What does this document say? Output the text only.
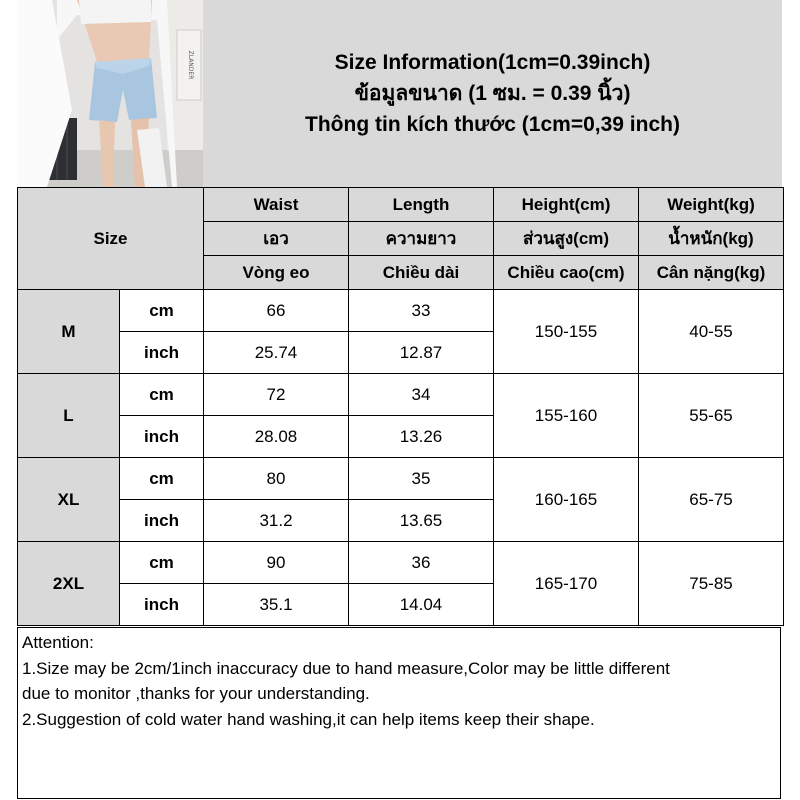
ZLANDER	Size Information(1cm=0.39inch)
ข้อมูลขนาด (1 ซม. = 0.39 นิ้ว)
Thông tin kích thước (1cm=0,39 inch)
Size		Waist	Length	Height(cm)	Weight(kg)
		เอว	ความยาว	ส่วนสูง(cm)	น้ำหนัก(kg)
		Vòng eo	Chiều dài	Chiều cao(cm)	Cân nặng(kg)
M	cm	66	33	150-155	40-55
	inch	25.74	12.87		
L	cm	72	34	155-160	55-65
	inch	28.08	13.26		
XL	cm	80	35	160-165	65-75
	inch	31.2	13.65		
2XL	cm	90	36	165-170	75-85
	inch	35.1	14.04		
Attention:
1.Size may be 2cm/1inch inaccuracy due to hand measure,Color may be little different
due to monitor ,thanks for your understanding.
2.Suggestion of cold water hand washing,it can help items keep their shape.
